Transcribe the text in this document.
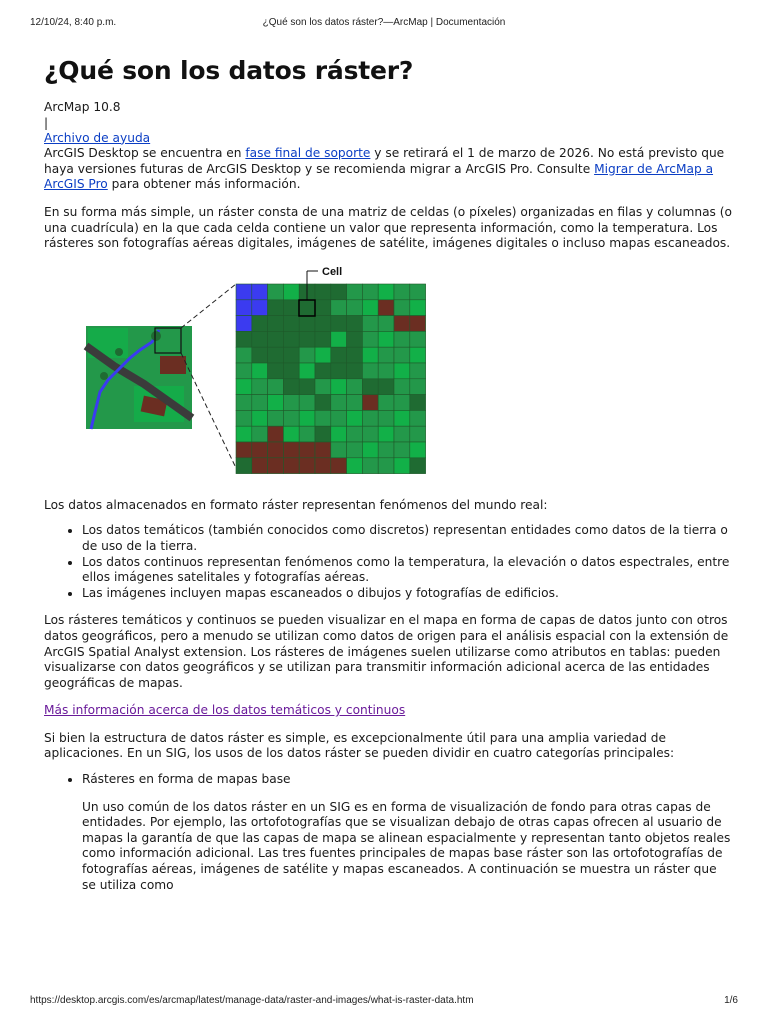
12/10/24, 8:40 p.m.	¿Qué son los datos ráster?—ArcMap | Documentación
¿Qué son los datos ráster?

ArcMap 10.8

|
Archivo de ayuda

ArcGIS Desktop se encuentra en fase final de soporte y se retirará el 1 de marzo de 2026. No está previsto que haya versiones futuras de ArcGIS Desktop y se recomienda migrar a ArcGIS Pro. Consulte Migrar de ArcMap a ArcGIS Pro para obtener más información.

En su forma más simple, un ráster consta de una matriz de celdas (o píxeles) organizadas en filas y columnas (o una cuadrícula) en la que cada celda contiene un valor que representa información, como la temperatura. Los rásteres son fotografías aéreas digitales, imágenes de satélite, imágenes digitales o incluso mapas escaneados.

Cell

Los datos almacenados en formato ráster representan fenómenos del mundo real:

• Los datos temáticos (también conocidos como discretos) representan entidades como datos de la tierra o de uso de la tierra.
• Los datos continuos representan fenómenos como la temperatura, la elevación o datos espectrales, entre ellos imágenes satelitales y fotografías aéreas.
• Las imágenes incluyen mapas escaneados o dibujos y fotografías de edificios.

Los rásteres temáticos y continuos se pueden visualizar en el mapa en forma de capas de datos junto con otros datos geográficos, pero a menudo se utilizan como datos de origen para el análisis espacial con la extensión de ArcGIS Spatial Analyst extension. Los rásteres de imágenes suelen utilizarse como atributos en tablas: pueden visualizarse con datos geográficos y se utilizan para transmitir información adicional acerca de las entidades geográficas de mapas.

Más información acerca de los datos temáticos y continuos

Si bien la estructura de datos ráster es simple, es excepcionalmente útil para una amplia variedad de aplicaciones. En un SIG, los usos de los datos ráster se pueden dividir en cuatro categorías principales:

• Rásteres en forma de mapas base

Un uso común de los datos ráster en un SIG es en forma de visualización de fondo para otras capas de entidades. Por ejemplo, las ortofotografías que se visualizan debajo de otras capas ofrecen al usuario de mapas la garantía de que las capas de mapa se alinean espacialmente y representan tanto objetos reales como información adicional. Las tres fuentes principales de mapas base ráster son las ortofotografías de fotografías aéreas, imágenes de satélite y mapas escaneados. A continuación se muestra un ráster que se utiliza como

https://desktop.arcgis.com/es/arcmap/latest/manage-data/raster-and-images/what-is-raster-data.htm	1/6
